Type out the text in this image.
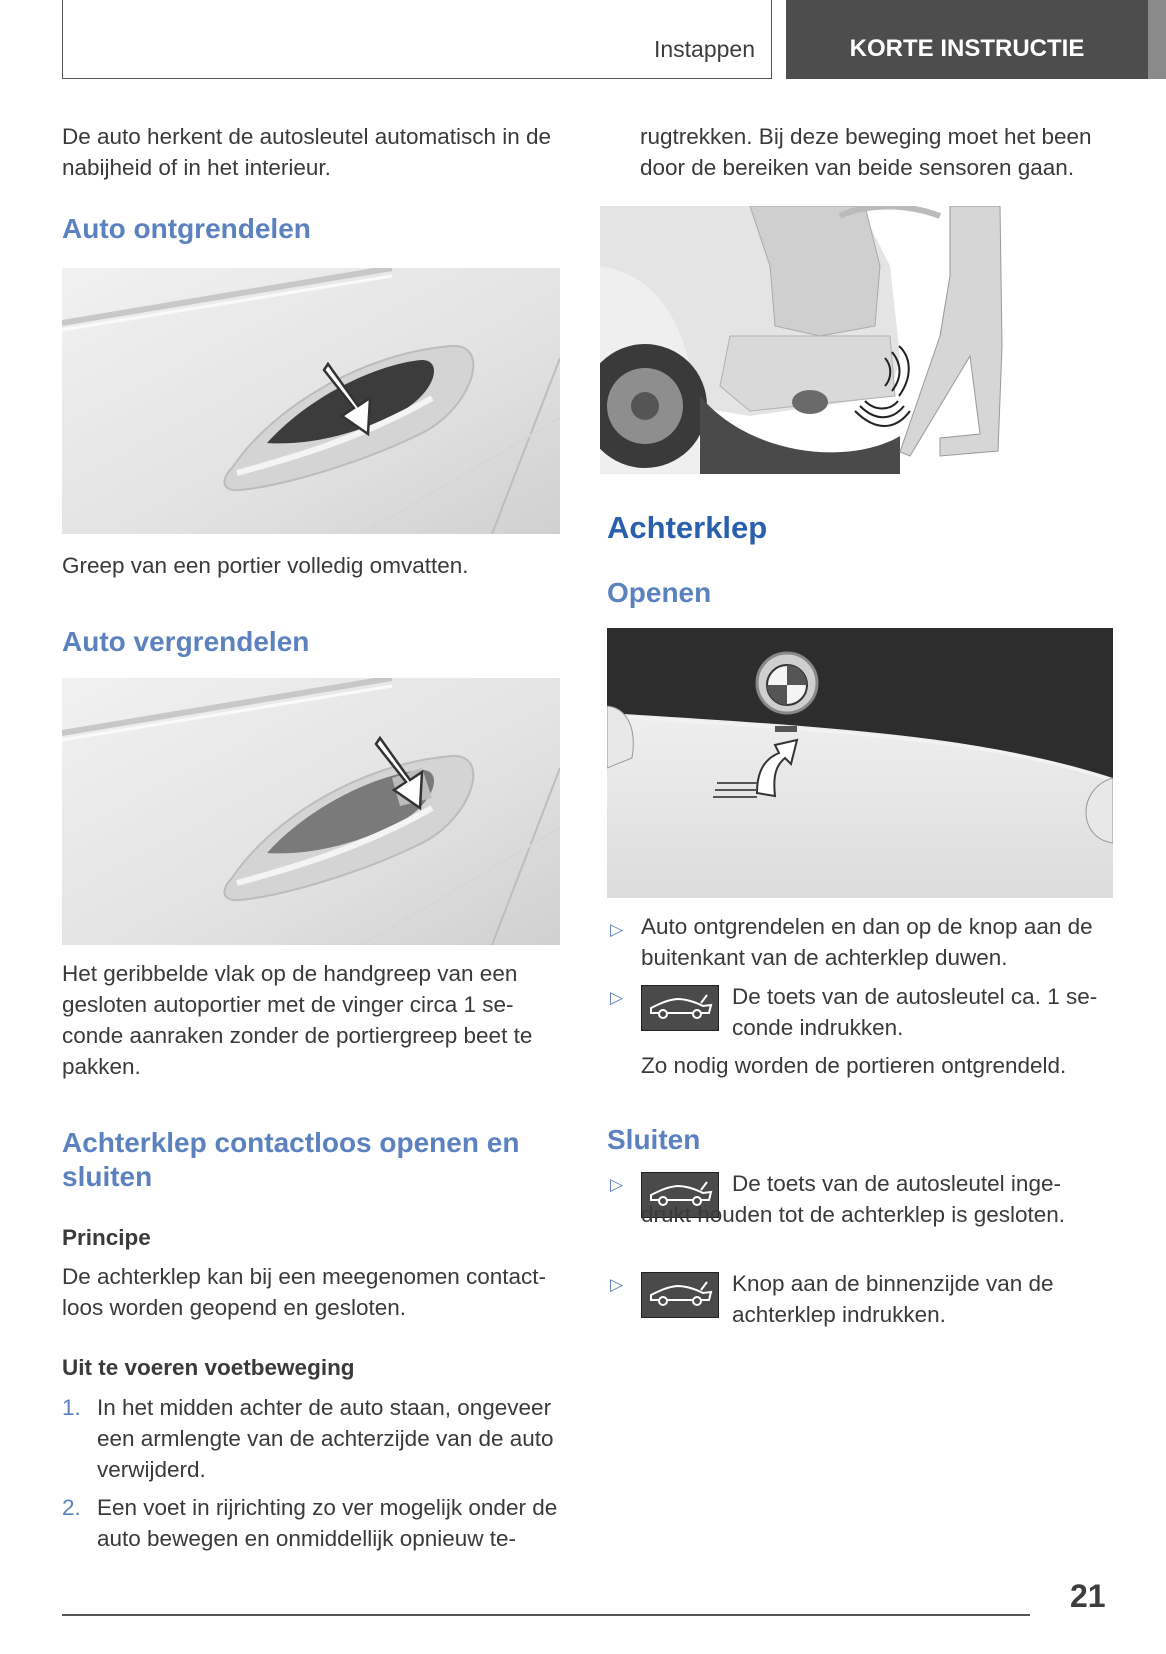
Instappen	KORTE INSTRUCTIE
De auto herkent de autosleutel automatisch in de nabijheid of in het interieur.
Auto ontgrendelen
Greep van een portier volledig omvatten.
Auto vergrendelen
Het geribbelde vlak op de handgreep van een gesloten autoportier met de vinger circa 1 seconde aanraken zonder de portiergreep beet te pakken.
Achterklep contactloos openen en sluiten
Principe
De achterklep kan bij een meegenomen contactloos worden geopend en gesloten.
Uit te voeren voetbeweging
1. In het midden achter de auto staan, ongeveer een armlengte van de achterzijde van de auto verwijderd.
2. Een voet in rijrichting zo ver mogelijk onder de auto bewegen en onmiddellijk opnieuw te-
rugtrekken. Bij deze beweging moet het been door de bereiken van beide sensoren gaan.
Achterklep
Openen
▷ Auto ontgrendelen en dan op de knop aan de buitenkant van de achterklep duwen.
▷	De toets van de autosleutel ca. 1 seconde indrukken.
Zo nodig worden de portieren ontgrendeld.
Sluiten
▷	De toets van de autosleutel ingedrukt houden tot de achterklep is gesloten.
▷	Knop aan de binnenzijde van de achterklep indrukken.
21
